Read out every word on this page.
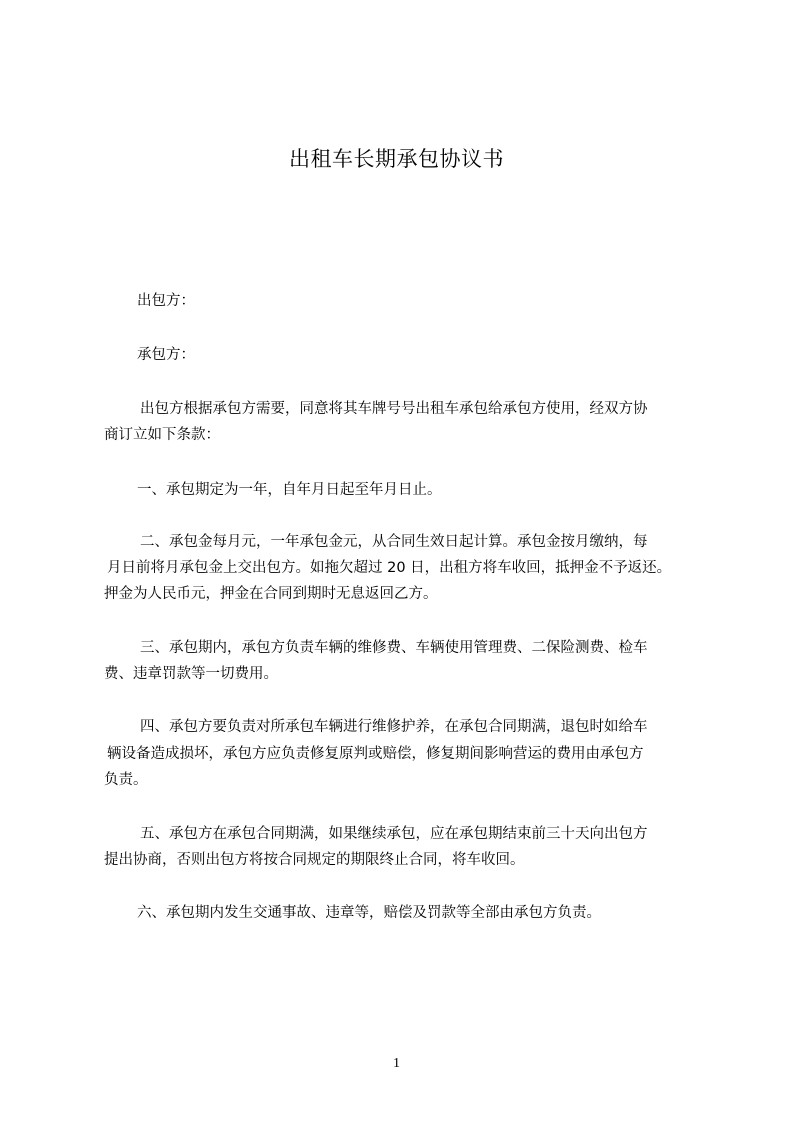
出租车长期承包协议书
出包方：
承包方：
出包方根据承包方需要，同意将其车牌号号出租车承包给承包方使用，经双方协
商订立如下条款：
一、承包期定为一年，自年月日起至年月日止。
二、承包金每月元，一年承包金元，从合同生效日起计算。承包金按月缴纳，每
月日前将月承包金上交出包方。如拖欠超过 20 日，出租方将车收回，抵押金不予返还。
押金为人民币元，押金在合同到期时无息返回乙方。
三、承包期内，承包方负责车辆的维修费、车辆使用管理费、二保险测费、检车
费、违章罚款等一切费用。
四、承包方要负责对所承包车辆进行维修护养，在承包合同期满，退包时如给车
辆设备造成损坏，承包方应负责修复原判或赔偿，修复期间影响营运的费用由承包方
负责。
五、承包方在承包合同期满，如果继续承包，应在承包期结束前三十天向出包方
提出协商，否则出包方将按合同规定的期限终止合同，将车收回。
六、承包期内发生交通事故、违章等，赔偿及罚款等全部由承包方负责。
1
